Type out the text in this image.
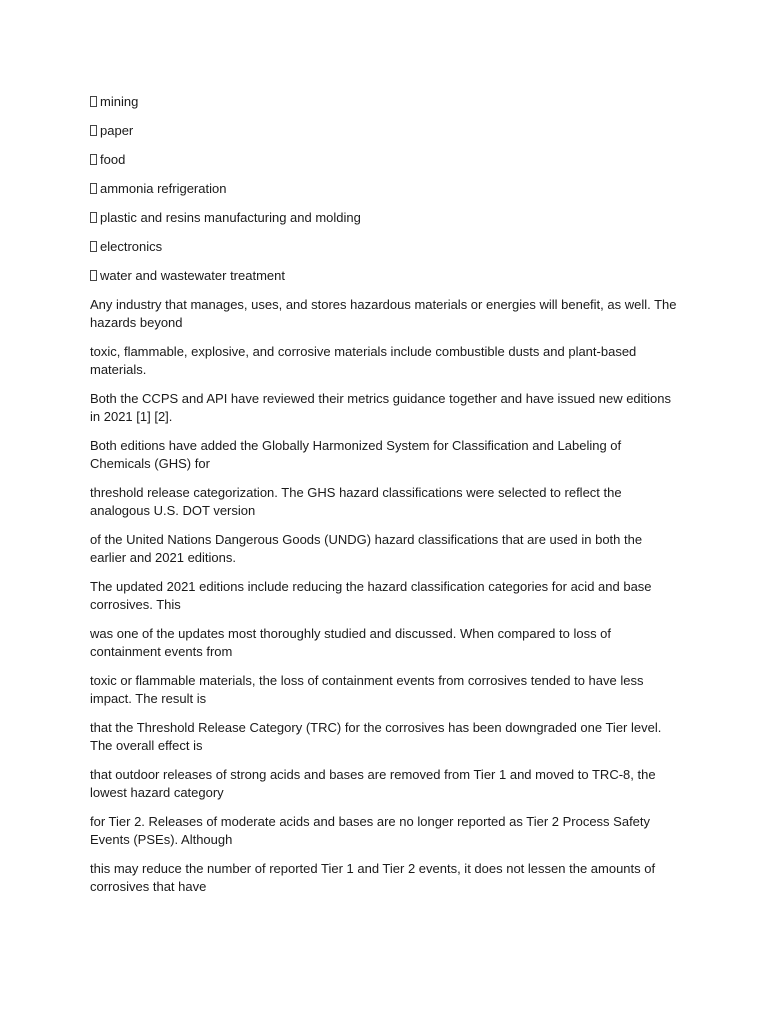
mining
paper
food
ammonia refrigeration
plastic and resins manufacturing and molding
electronics
water and wastewater treatment

Any industry that manages, uses, and stores hazardous materials or energies will benefit, as well. The hazards beyond

toxic, flammable, explosive, and corrosive materials include combustible dusts and plant-based materials.

Both the CCPS and API have reviewed their metrics guidance together and have issued new editions in 2021 [1] [2].

Both editions have added the Globally Harmonized System for Classification and Labeling of Chemicals (GHS) for

threshold release categorization. The GHS hazard classifications were selected to reflect the analogous U.S. DOT version

of the United Nations Dangerous Goods (UNDG) hazard classifications that are used in both the earlier and 2021 editions.

The updated 2021 editions include reducing the hazard classification categories for acid and base corrosives. This

was one of the updates most thoroughly studied and discussed. When compared to loss of containment events from

toxic or flammable materials, the loss of containment events from corrosives tended to have less impact. The result is

that the Threshold Release Category (TRC) for the corrosives has been downgraded one Tier level. The overall effect is

that outdoor releases of strong acids and bases are removed from Tier 1 and moved to TRC-8, the lowest hazard category

for Tier 2. Releases of moderate acids and bases are no longer reported as Tier 2 Process Safety Events (PSEs). Although

this may reduce the number of reported Tier 1 and Tier 2 events, it does not lessen the amounts of corrosives that have
